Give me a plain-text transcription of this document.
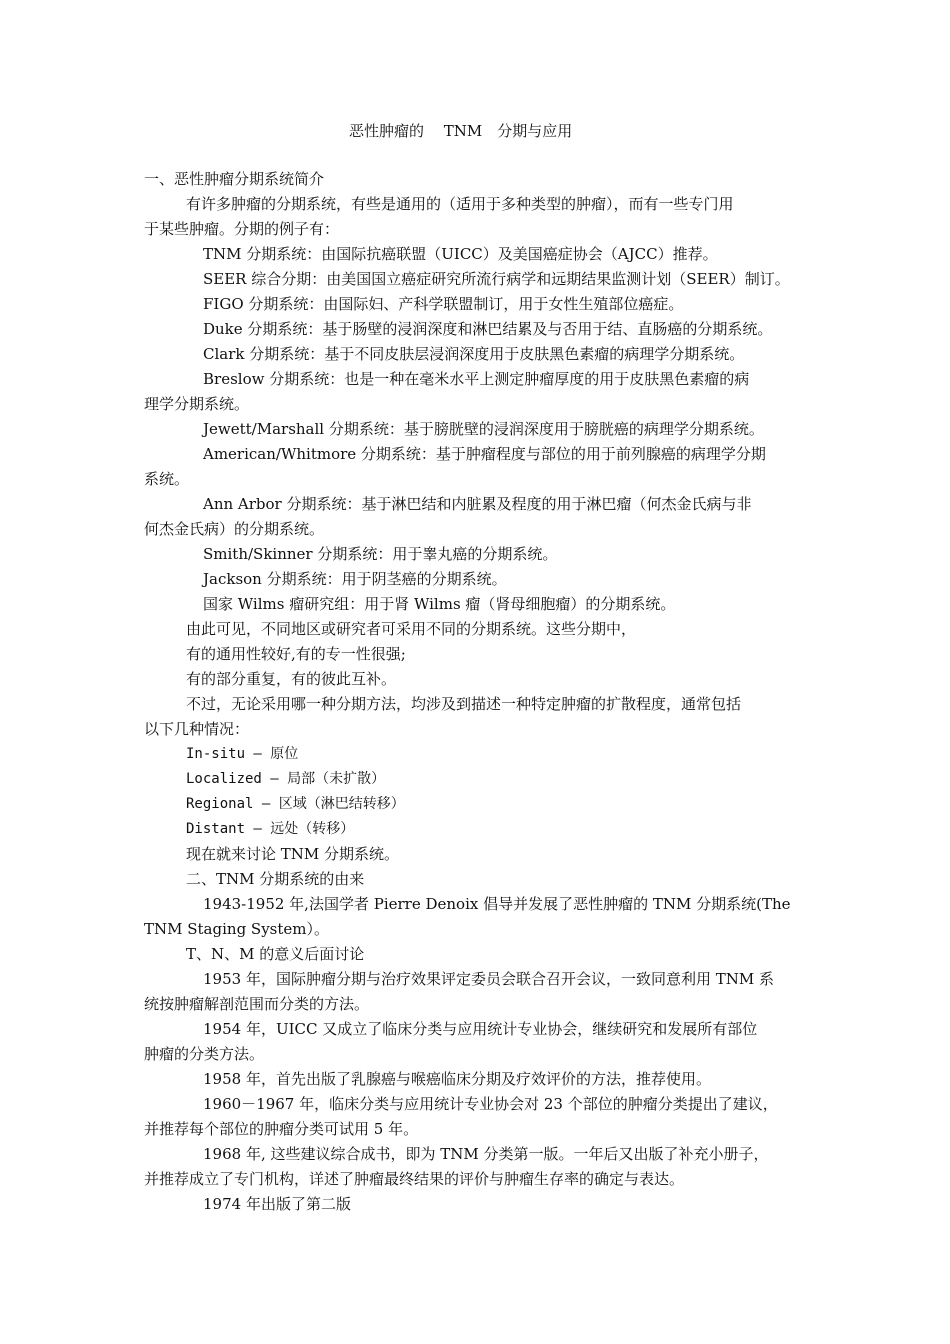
恶性肿瘤的　 TNM　分期与应用
一、恶性肿瘤分期系统简介
有许多肿瘤的分期系统，有些是通用的（适用于多种类型的肿瘤），而有一些专门用
于某些肿瘤。分期的例子有：
TNM 分期系统：由国际抗癌联盟（UICC）及美国癌症协会（AJCC）推荐。
SEER 综合分期：由美国国立癌症研究所流行病学和远期结果监测计划（SEER）制订。
FIGO 分期系统：由国际妇、产科学联盟制订，用于女性生殖部位癌症。
Duke 分期系统：基于肠壁的浸润深度和淋巴结累及与否用于结、直肠癌的分期系统。
Clark 分期系统：基于不同皮肤层浸润深度用于皮肤黑色素瘤的病理学分期系统。
Breslow 分期系统：也是一种在毫米水平上测定肿瘤厚度的用于皮肤黑色素瘤的病
理学分期系统。
Jewett/Marshall 分期系统：基于膀胱壁的浸润深度用于膀胱癌的病理学分期系统。
American/Whitmore 分期系统：基于肿瘤程度与部位的用于前列腺癌的病理学分期
系统。
Ann Arbor 分期系统：基于淋巴结和内脏累及程度的用于淋巴瘤（何杰金氏病与非
何杰金氏病）的分期系统。
Smith/Skinner 分期系统：用于睾丸癌的分期系统。
Jackson 分期系统：用于阴茎癌的分期系统。
国家 Wilms 瘤研究组：用于肾 Wilms 瘤（肾母细胞瘤）的分期系统。
由此可见，不同地区或研究者可采用不同的分期系统。这些分期中，
有的通用性较好,有的专一性很强;
有的部分重复，有的彼此互补。
不过，无论采用哪一种分期方法，均涉及到描述一种特定肿瘤的扩散程度，通常包括
以下几种情况：
In-situ — 原位
Localized — 局部（未扩散）
Regional — 区域（淋巴结转移）
Distant — 远处（转移）
现在就来讨论 TNM 分期系统。
二、TNM 分期系统的由来
1943-1952 年,法国学者 Pierre Denoix 倡导并发展了恶性肿瘤的 TNM 分期系统(The
TNM Staging System）。
T、N、M 的意义后面讨论
1953 年，国际肿瘤分期与治疗效果评定委员会联合召开会议，一致同意利用 TNM 系
统按肿瘤解剖范围而分类的方法。
1954 年，UICC 又成立了临床分类与应用统计专业协会，继续研究和发展所有部位
肿瘤的分类方法。
1958 年，首先出版了乳腺癌与喉癌临床分期及疗效评价的方法，推荐使用。
1960－1967 年，临床分类与应用统计专业协会对 23 个部位的肿瘤分类提出了建议，
并推荐每个部位的肿瘤分类可试用 5 年。
1968 年, 这些建议综合成书，即为 TNM 分类第一版。一年后又出版了补充小册子，
并推荐成立了专门机构，详述了肿瘤最终结果的评价与肿瘤生存率的确定与表达。
1974 年出版了第二版
